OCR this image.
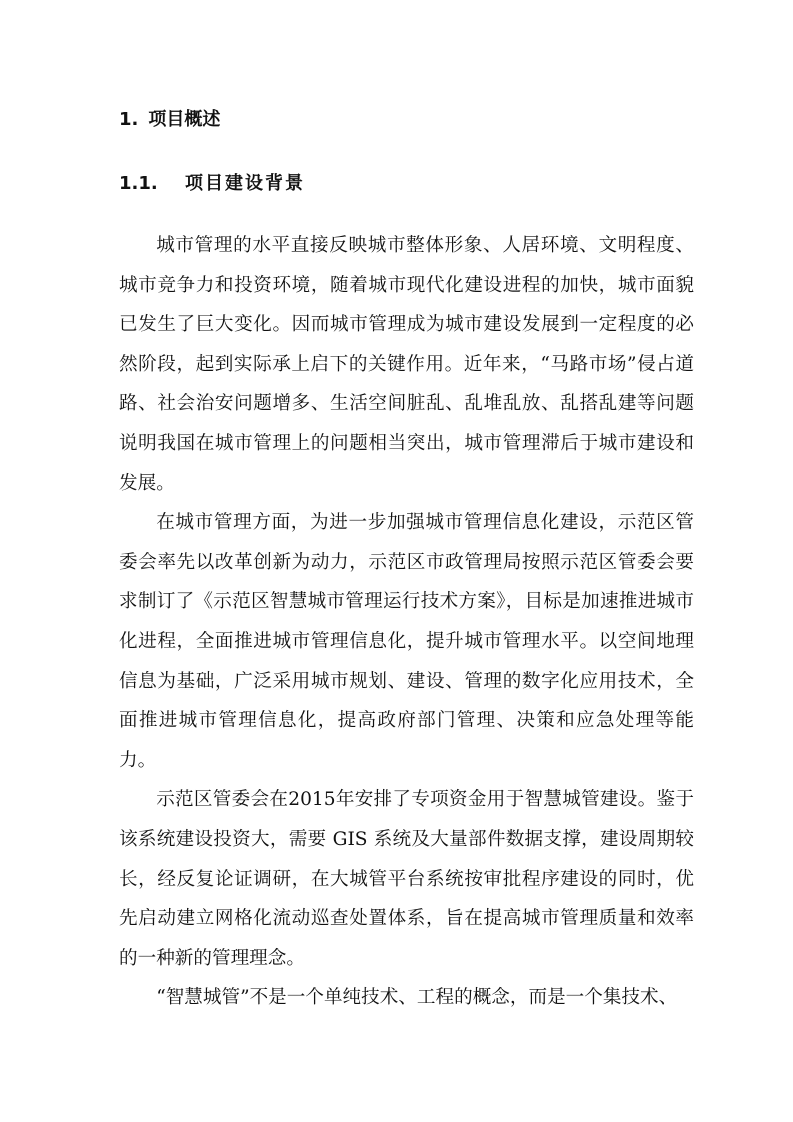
1. 项目概述
1.1. 项目建设背景

城市管理的水平直接反映城市整体形象、人居环境、文明程度、城市竞争力和投资环境，随着城市现代化建设进程的加快，城市面貌已发生了巨大变化。因而城市管理成为城市建设发展到一定程度的必然阶段，起到实际承上启下的关键作用。近年来，“马路市场”侵占道路、社会治安问题增多、生活空间脏乱、乱堆乱放、乱搭乱建等问题说明我国在城市管理上的问题相当突出，城市管理滞后于城市建设和发展。

在城市管理方面，为进一步加强城市管理信息化建设，示范区管委会率先以改革创新为动力，示范区市政管理局按照示范区管委会要求制订了《示范区智慧城市管理运行技术方案》，目标是加速推进城市化进程，全面推进城市管理信息化，提升城市管理水平。以空间地理信息为基础，广泛采用城市规划、建设、管理的数字化应用技术，全面推进城市管理信息化，提高政府部门管理、决策和应急处理等能力。

示范区管委会在2015年安排了专项资金用于智慧城管建设。鉴于该系统建设投资大，需要 GIS 系统及大量部件数据支撑，建设周期较长，经反复论证调研，在大城管平台系统按审批程序建设的同时，优先启动建立网格化流动巡查处置体系，旨在提高城市管理质量和效率的一种新的管理理念。

“智慧城管”不是一个单纯技术、工程的概念，而是一个集技术、
